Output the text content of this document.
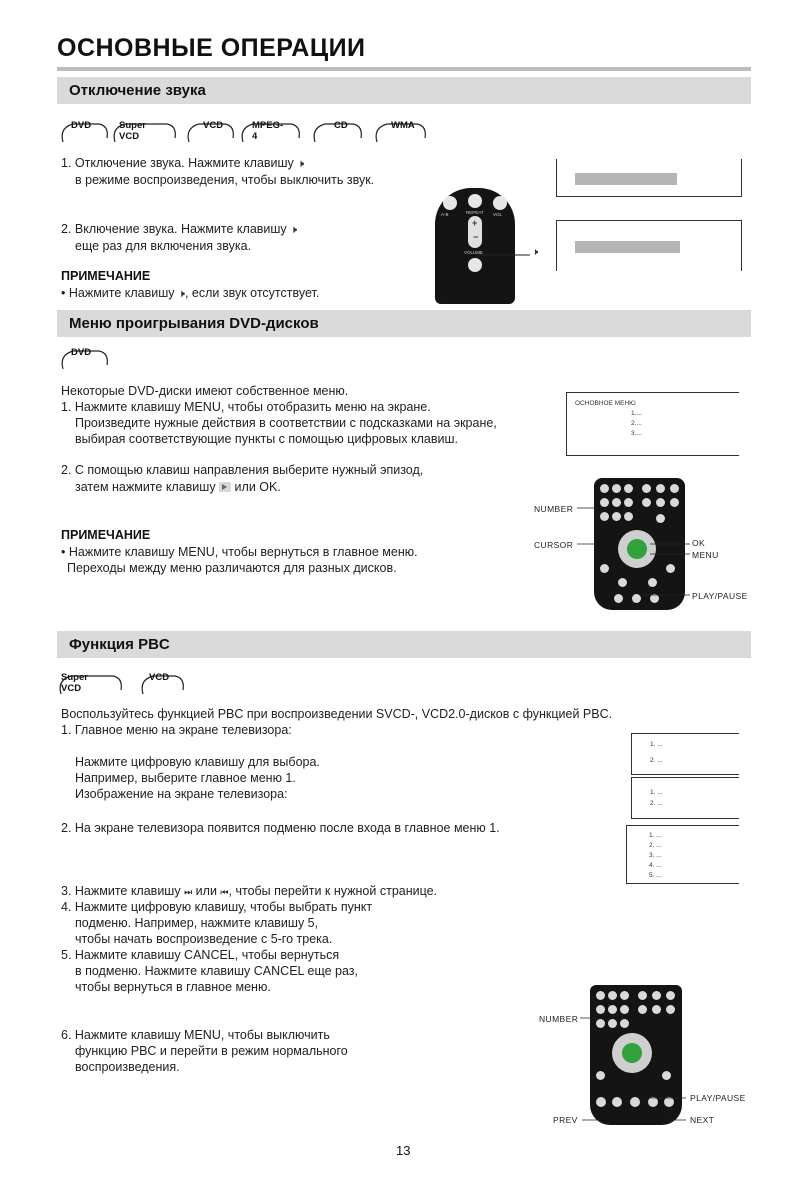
ОСНОВНЫЕ ОПЕРАЦИИ
Отключение звука
DVD	Super VCD
VCD	MPEG-4
CD	WMA
1. Отключение звука. Нажмите клавишу 🕨︎
в режиме воспроизведения, чтобы выключить звук.
2. Включение звука. Нажмите клавишу 🕨︎
еще раз для включения звука.
ПРИМЕЧАНИЕ
• Нажмите клавишу 🕨︎, если звук отсутствует.
A-B	REPEAT VOL
+
−
VOLUME	🕨︎
Меню проигрывания DVD-дисков
DVD
Некоторые DVD-диски имеют собственное меню.
1. Нажмите клавишу MENU, чтобы отобразить меню на экране.
Произведите нужные действия в соответствии с подсказками на экране,
выбирая соответствующие пункты с помощью цифровых клавиш.
2. С помощью клавиш направления выберите нужный эпизод,
затем нажмите клавишу или OK.
ПРИМЕЧАНИЕ
• Нажмите клавишу MENU, чтобы вернуться в главное меню.
Переходы между меню различаются для разных дисков.
ОСНОВНОЕ МЕНЮ
1....
2....
3....
NUMBER
CURSOR	OK
MENU
PLAY/PAUSE
Функция PBC
Super VCD
VCD
Воспользуйтесь функцией PBC при воспроизведении SVCD-, VCD2.0-дисков с функцией PBC.
1. Главное меню на экране телевизора:
Нажмите цифровую клавишу для выбора.
Например, выберите главное меню 1.
Изображение на экране телевизора:
2. На экране телевизора появится подменю после входа в главное меню 1.
3. Нажмите клавишу ⏭︎ или ⏮︎, чтобы перейти к нужной странице.
4. Нажмите цифровую клавишу, чтобы выбрать пункт
подменю. Например, нажмите клавишу 5,
чтобы начать воспроизведение с 5-го трека.
5. Нажмите клавишу CANCEL, чтобы вернуться
в подменю. Нажмите клавишу CANCEL еще раз,
чтобы вернуться в главное меню.
6. Нажмите клавишу MENU, чтобы выключить
функцию PBC и перейти в режим нормального
воспроизведения.
1. ...
2. ...
1. ...
2. ...
1. ...
2. ...
3. ...
4. ...
5. ...
NUMBER
PLAY/PAUSE
PREV	NEXT
13
